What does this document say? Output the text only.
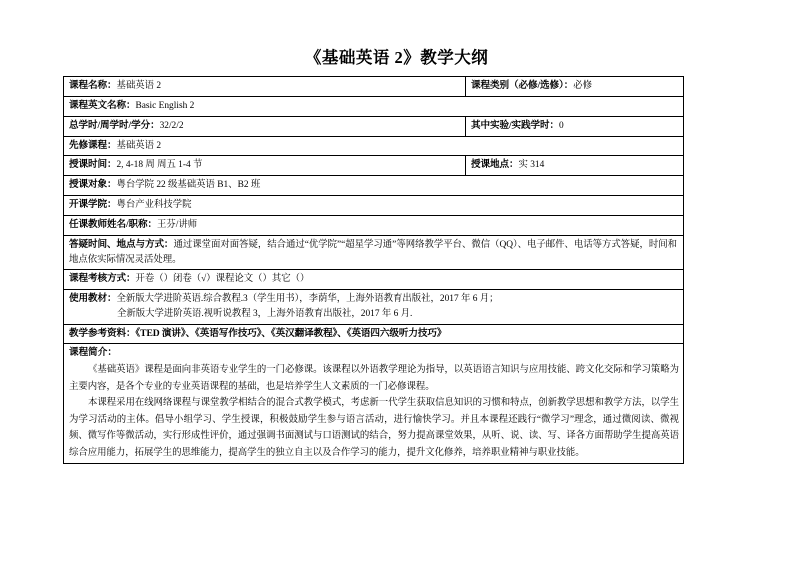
《基础英语 2》教学大纲
课程名称：基础英语 2	课程类别（必修/选修）：必修
课程英文名称：Basic English 2	
总学时/周学时/学分：32/2/2	其中实验/实践学时：0
先修课程：基础英语 2	
授课时间：2, 4-18 周 周五 1-4 节	授课地点：实 314
授课对象：粤台学院 22 级基础英语 B1、B2 班	
开课学院：粤台产业科技学院	
任课教师姓名/职称：王芬/讲师	
答疑时间、地点与方式：通过课堂面对面答疑，结合通过“优学院”“超星学习通”等网络教学平台、微信（QQ）、电子邮件、电话等方式答疑，时间和地点依实际情况灵活处理。	
课程考核方式：开卷（）闭卷（√）课程论文（）其它（）	
使用教材：全新版大学进阶英语.综合教程.3（学生用书），李荫华，上海外语教育出版社，2017 年 6 月；
全新版大学进阶英语.视听说教程 3，上海外语教育出版社，2017 年 6 月.	

教学参考资料：《TED 演讲》、《英语写作技巧》、《英汉翻译教程》、《英语四六级听力技巧》	

课程简介：
《基础英语》课程是面向非英语专业学生的一门必修课。该课程以外语教学理论为指导，以英语语言知识与应用技能、跨文化交际和学习策略为主要内容，是各个专业的专业英语课程的基础，也是培养学生人文素质的一门必修课程。
本课程采用在线网络课程与课堂教学相结合的混合式教学模式，考虑新一代学生获取信息知识的习惯和特点，创新教学思想和教学方法，以学生为学习活动的主体。倡导小组学习、学生授课，积极鼓励学生参与语言活动，进行愉快学习。并且本课程还践行“微学习”理念，通过微阅读、微视频、微写作等微活动，实行形成性评价，通过强调书面测试与口语测试的结合，努力提高课堂效果，从听、说、读、写、译各方面帮助学生提高英语综合应用能力，拓展学生的思维能力，提高学生的独立自主以及合作学习的能力，提升文化修养，培养职业精神与职业技能。	
